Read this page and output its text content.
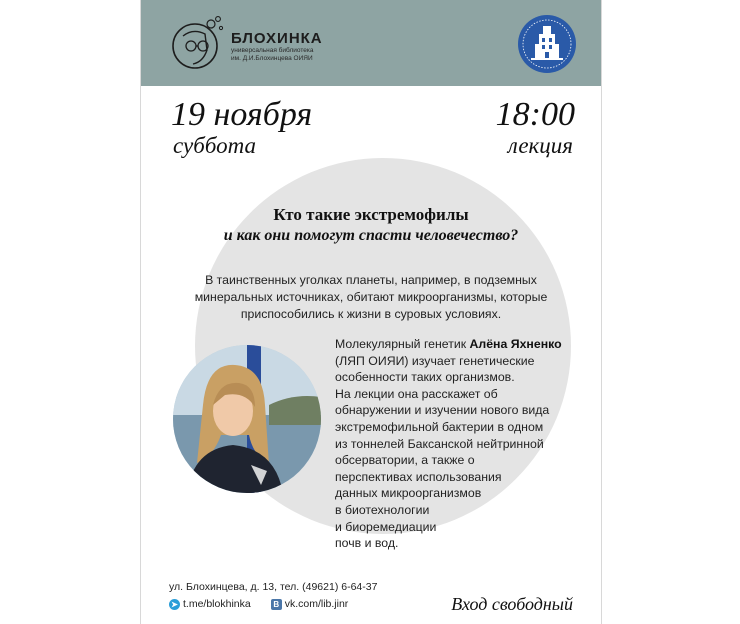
БЛОХИНКА
универсальная библиотека
им. Д.И.Блохинцева ОИЯИ
19 ноября
суббота
18:00
лекция
Кто такие экстремофилы
и как они помогут спасти человечество?
В таинственных уголках планеты, например, в подземных
минеральных источниках, обитают микроорганизмы, которые
приспособились к жизни в суровых условиях.
Молекулярный генетик Алёна Яхненко
(ЛЯП ОИЯИ) изучает генетические
особенности таких организмов.
На лекции она расскажет об
обнаружении и изучении нового вида
экстремофильной бактерии в одном
из тоннелей Баксанской нейтринной
обсерватории, а также о
перспективах использования
данных микроорганизмов
в биотехнологии
и биоремедиации
почв и вод.
ул. Блохинцева, д. 13, тел. (49621) 6-64-37
➤ t.me/blokhinka	В vk.com/lib.jinr	Вход свободный
